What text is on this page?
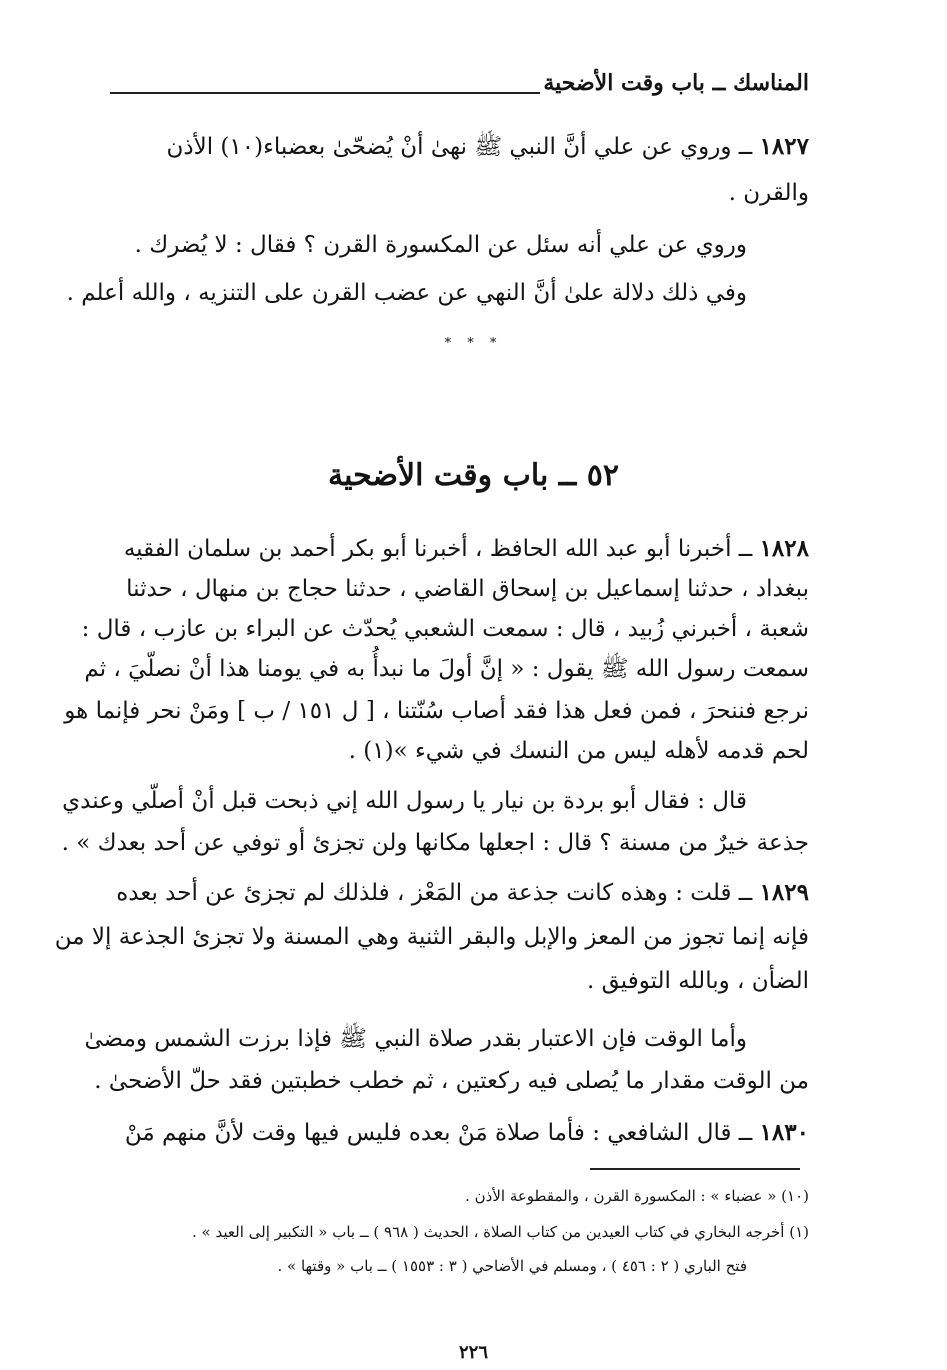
المناسك ــ باب وقت الأضحية
١٨٢٧ ــ وروي عن علي أنَّ النبي ﷺ نهىٰ أنْ يُضحّىٰ بعضباء(١٠) الأذن
والقرن .
وروي عن علي أنه سئل عن المكسورة القرن ؟ فقال : لا يُضرك .
وفي ذلك دلالة علىٰ أنَّ النهي عن عضب القرن على التنزيه ، والله أعلم .
* * *
٥٢ ــ باب وقت الأضحية
١٨٢٨ ــ أخبرنا أبو عبد الله الحافظ ، أخبرنا أبو بكر أحمد بن سلمان الفقيه
ببغداد ، حدثنا إسماعيل بن إسحاق القاضي ، حدثنا حجاج بن منهال ، حدثنا
شعبة ، أخبرني زُبيد ، قال : سمعت الشعبي يُحدّث عن البراء بن عازب ، قال :
سمعت رسول الله ﷺ يقول : « إنَّ أولَ ما نبدأُ به في يومنا هذا أنْ نصلّيَ ، ثم
نرجع فننحرَ ، فمن فعل هذا فقد أصاب سُنّتنا ، [ ل ١٥١ / ب ] ومَنْ نحر فإنما هو
لحم قدمه لأهله ليس من النسك في شيء »(١) .
قال : فقال أبو بردة بن نيار يا رسول الله إني ذبحت قبل أنْ أصلّي وعندي
جذعة خيرٌ من مسنة ؟ قال : اجعلها مكانها ولن تجزئ أو توفي عن أحد بعدك » .
١٨٢٩ ــ قلت : وهذه كانت جذعة من المَعْز ، فلذلك لم تجزئ عن أحد بعده
فإنه إنما تجوز من المعز والإبل والبقر الثنية وهي المسنة ولا تجزئ الجذعة إلا من
الضأن ، وبالله التوفيق .
وأما الوقت فإن الاعتبار بقدر صلاة النبي ﷺ فإذا برزت الشمس ومضىٰ
من الوقت مقدار ما يُصلى فيه ركعتين ، ثم خطب خطبتين فقد حلّ الأضحىٰ .
١٨٣٠ ــ قال الشافعي : فأما صلاة مَنْ بعده فليس فيها وقت لأنَّ منهم مَنْ
(١٠) « عضباء » : المكسورة القرن ، والمقطوعة الأذن .
(١) أخرجه البخاري في كتاب العيدين من كتاب الصلاة ، الحديث ( ٩٦٨ ) ــ باب « التكبير إلى العيد » .
فتح الباري ( ٢ : ٤٥٦ ) ، ومسلم في الأضاحي ( ٣ : ١٥٥٣ ) ــ باب « وقتها » .
٢٢٦
